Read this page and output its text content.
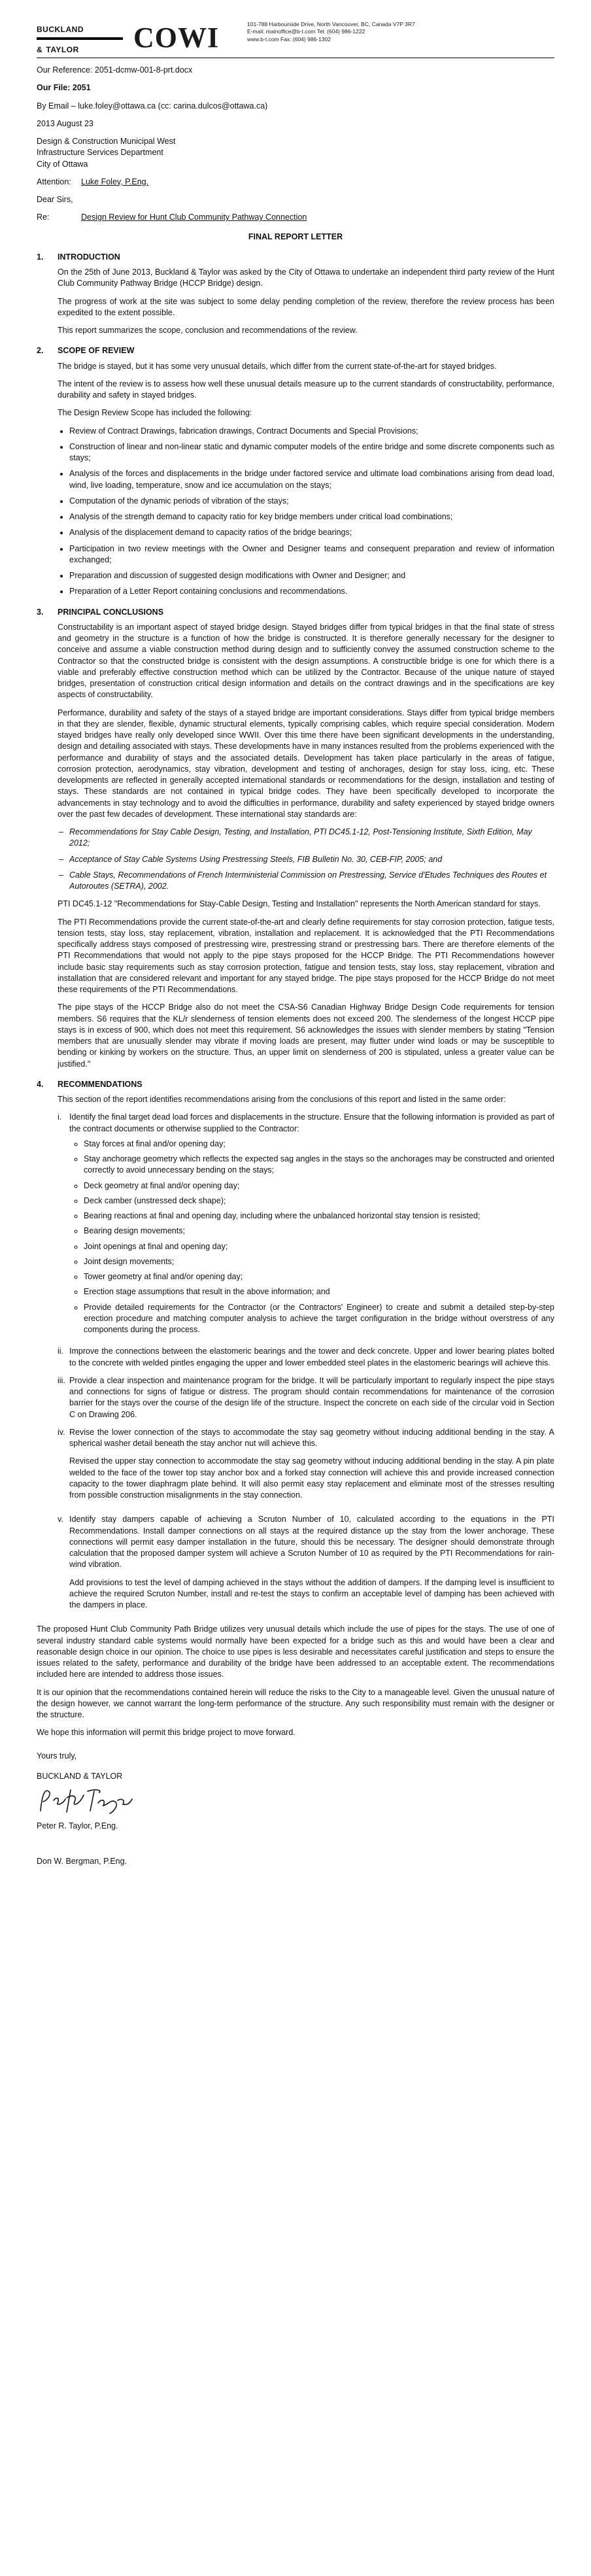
BUCKLAND
& TAYLOR	COWI	101-788 Harbourside Drive, North Vancouver, BC, Canada V7P 3R7
E-mail: mainoffice@b-t.com Tel: (604) 986-1222
www.b-t.com Fax: (604) 986-1302

Our Reference: 2051-dcmw-001-8-prt.docx

Our File: 2051

By Email – luke.foley@ottawa.ca (cc: carina.dulcos@ottawa.ca)

2013 August 23

Design & Construction Municipal West
Infrastructure Services Department
City of Ottawa
Attention:	Luke Foley, P.Eng.

Dear Sirs,

Re:	Design Review for Hunt Club Community Pathway Connection
FINAL REPORT LETTER
1.	INTRODUCTION

On the 25th of June 2013, Buckland & Taylor was asked by the City of Ottawa to undertake an independent third party review of the Hunt Club Community Pathway Bridge (HCCP Bridge) design.

The progress of work at the site was subject to some delay pending completion of the review, therefore the review process has been expedited to the extent possible.

This report summarizes the scope, conclusion and recommendations of the review.

2.	SCOPE OF REVIEW

The bridge is stayed, but it has some very unusual details, which differ from the current state-of-the-art for stayed bridges.

The intent of the review is to assess how well these unusual details measure up to the current standards of constructability, performance, durability and safety in stayed bridges.

The Design Review Scope has included the following:

• Review of Contract Drawings, fabrication drawings, Contract Documents and Special Provisions;
• Construction of linear and non-linear static and dynamic computer models of the entire bridge and some discrete components such as stays;
• Analysis of the forces and displacements in the bridge under factored service and ultimate load combinations arising from dead load, wind, live loading, temperature, snow and ice accumulation on the stays;
• Computation of the dynamic periods of vibration of the stays;
• Analysis of the strength demand to capacity ratio for key bridge members under critical load combinations;
• Analysis of the displacement demand to capacity ratios of the bridge bearings;
• Participation in two review meetings with the Owner and Designer teams and consequent preparation and review of information exchanged;
• Preparation and discussion of suggested design modifications with Owner and Designer; and
• Preparation of a Letter Report containing conclusions and recommendations.
3.	PRINCIPAL CONCLUSIONS

Constructability is an important aspect of stayed bridge design. Stayed bridges differ from typical bridges in that the final state of stress and geometry in the structure is a function of how the bridge is constructed. It is therefore generally necessary for the designer to conceive and assume a viable construction method during design and to sufficiently convey the assumed construction scheme to the Contractor so that the constructed bridge is consistent with the design assumptions. A constructible bridge is one for which there is a viable and preferably effective construction method which can be utilized by the Contractor. Because of the unique nature of stayed bridges, presentation of construction critical design information and details on the contract drawings and in the specifications are key aspects of constructability.

Performance, durability and safety of the stays of a stayed bridge are important considerations. Stays differ from typical bridge members in that they are slender, flexible, dynamic structural elements, typically comprising cables, which require special consideration. Modern stayed bridges have really only developed since WWII. Over this time there have been significant developments in the understanding, design and detailing associated with stays. These developments have in many instances resulted from the problems experienced with the performance and durability of stays and the associated details. Development has taken place particularly in the areas of fatigue, corrosion protection, aerodynamics, stay vibration, development and testing of anchorages, design for stay loss, icing, etc. These developments are reflected in generally accepted international standards or recommendations for the design, installation and testing of stays. These standards are not contained in typical bridge codes. They have been specifically developed to incorporate the advancements in stay technology and to avoid the difficulties in performance, durability and safety experienced by stayed bridge owners over the past few decades of development. These international stay standards are:

– Recommendations for Stay Cable Design, Testing, and Installation, PTI DC45.1-12, Post-Tensioning Institute, Sixth Edition, May 2012;
– Acceptance of Stay Cable Systems Using Prestressing Steels, FIB Bulletin No. 30, CEB-FIP, 2005; and
– Cable Stays, Recommendations of French Interministerial Commission on Prestressing, Service d'Etudes Techniques des Routes et Autoroutes (SETRA), 2002.

PTI DC45.1-12 "Recommendations for Stay-Cable Design, Testing and Installation" represents the North American standard for stays.

The PTI Recommendations provide the current state-of-the-art and clearly define requirements for stay corrosion protection, fatigue tests, tension tests, stay loss, stay replacement, vibration, installation and replacement. It is acknowledged that the PTI Recommendations specifically address stays composed of prestressing wire, prestressing strand or prestressing bars. There are therefore elements of the PTI Recommendations that would not apply to the pipe stays proposed for the HCCP Bridge. The PTI Recommendations however include basic stay requirements such as stay corrosion protection, fatigue and tension tests, stay loss, stay replacement, vibration and installation that are considered relevant and important for any stayed bridge. The pipe stays proposed for the HCCP Bridge do not meet these requirements of the PTI Recommendations.

The pipe stays of the HCCP Bridge also do not meet the CSA-S6 Canadian Highway Bridge Design Code requirements for tension members. S6 requires that the KL/r slenderness of tension elements does not exceed 200. The slenderness of the longest HCCP pipe stays is in excess of 900, which does not meet this requirement. S6 acknowledges the issues with slender members by stating "Tension members that are unusually slender may vibrate if moving loads are present, may flutter under wind loads or may be susceptible to bending or kinking by workers on the structure. Thus, an upper limit on slenderness of 200 is stipulated, unless a greater value can be justified."

4.	RECOMMENDATIONS

This section of the report identifies recommendations arising from the conclusions of this report and listed in the same order:

i. Identify the final target dead load forces and displacements in the structure. Ensure that the following information is provided as part of the contract documents or otherwise supplied to the Contractor:
◦ Stay forces at final and/or opening day;
◦ Stay anchorage geometry which reflects the expected sag angles in the stays so the anchorages may be constructed and oriented correctly to avoid unnecessary bending on the stays;
◦ Deck geometry at final and/or opening day;
◦ Deck camber (unstressed deck shape);
◦ Bearing reactions at final and opening day, including where the unbalanced horizontal stay tension is resisted;
◦ Bearing design movements;
◦ Joint openings at final and opening day;
◦ Joint design movements;
◦ Tower geometry at final and/or opening day;
◦ Erection stage assumptions that result in the above information; and
◦ Provide detailed requirements for the Contractor (or the Contractors' Engineer) to create and submit a detailed step-by-step erection procedure and matching computer analysis to achieve the target configuration in the bridge without overstress of any components during the process.
ii. Improve the connections between the elastomeric bearings and the tower and deck concrete. Upper and lower bearing plates bolted to the concrete with welded pintles engaging the upper and lower embedded steel plates in the elastomeric bearings will achieve this.
iii. Provide a clear inspection and maintenance program for the bridge. It will be particularly important to regularly inspect the pipe stays and connections for signs of fatigue or distress. The program should contain recommendations for maintenance of the corrosion barrier for the stays over the course of the design life of the structure. Inspect the concrete on each side of the circular void in Section C on Drawing 206.
iv. Revise the lower connection of the stays to accommodate the stay sag geometry without inducing additional bending in the stay. A spherical washer detail beneath the stay anchor nut will achieve this.

Revised the upper stay connection to accommodate the stay sag geometry without inducing additional bending in the stay. A pin plate welded to the face of the tower top stay anchor box and a forked stay connection will achieve this and provide increased connection capacity to the tower diaphragm plate behind. It will also permit easy stay replacement and eliminate most of the stresses resulting from possible construction misalignments in the stay connection.

v. Identify stay dampers capable of achieving a Scruton Number of 10, calculated according to the equations in the PTI Recommendations. Install damper connections on all stays at the required distance up the stay from the lower anchorage. These connections will permit easy damper installation in the future, should this be necessary. The designer should demonstrate through calculation that the proposed damper system will achieve a Scruton Number of 10 as required by the PTI Recommendations for rain-wind vibration.

Add provisions to test the level of damping achieved in the stays without the addition of dampers. If the damping level is insufficient to achieve the required Scruton Number, install and re-test the stays to confirm an acceptable level of damping has been achieved with the dampers in place.

The proposed Hunt Club Community Path Bridge utilizes very unusual details which include the use of pipes for the stays. The use of one of several industry standard cable systems would normally have been expected for a bridge such as this and would have been a clear and reasonable design choice in our opinion. The choice to use pipes is less desirable and necessitates careful justification and steps to ensure the issues related to the safety, performance and durability of the bridge have been addressed to an acceptable extent. The recommendations included here are intended to address those issues.

It is our opinion that the recommendations contained herein will reduce the risks to the City to a manageable level. Given the unusual nature of the design however, we cannot warrant the long-term performance of the structure. Any such responsibility must remain with the designer or the structure.

We hope this information will permit this bridge project to move forward.

Yours truly,
BUCKLAND & TAYLOR
Peter R. Taylor, P.Eng.
Don W. Bergman, P.Eng.
